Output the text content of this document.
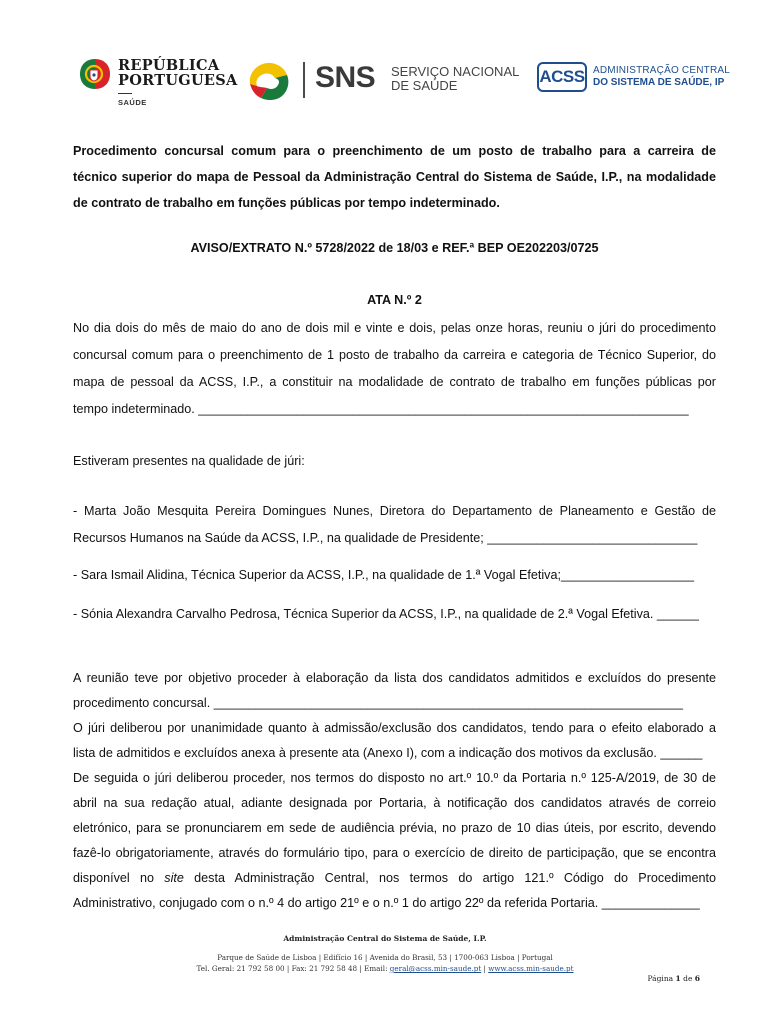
REPÚBLICA
PORTUGUESA
SAÚDE
SNS SERVIÇO NACIONAL
DE SAÚDE	ACSS ADMINISTRAÇÃO CENTRAL
DO SISTEMA DE SAÚDE, IP
Procedimento concursal comum para o preenchimento de um posto de trabalho para a carreira de
técnico superior do mapa de Pessoal da Administração Central do Sistema de Saúde, I.P., na modalidade
de contrato de trabalho em funções públicas por tempo indeterminado.
AVISO/EXTRATO N.º 5728/2022 de 18/03 e REF.ª BEP OE202203/0725
ATA N.º 2
No dia dois do mês de maio do ano de dois mil e vinte e dois, pelas onze horas, reuniu o júri do procedimento
concursal comum para o preenchimento de 1 posto de trabalho da carreira e categoria de Técnico Superior, do
mapa de pessoal da ACSS, I.P., a constituir na modalidade de contrato de trabalho em funções públicas por
tempo indeterminado. ______________________________________________________________________
Estiveram presentes na qualidade de júri:
- Marta João Mesquita Pereira Domingues Nunes, Diretora do Departamento de Planeamento e Gestão de
Recursos Humanos na Saúde da ACSS, I.P., na qualidade de Presidente; ______________________________
- Sara Ismail Alidina, Técnica Superior da ACSS, I.P., na qualidade de 1.ª Vogal Efetiva;___________________
- Sónia Alexandra Carvalho Pedrosa, Técnica Superior da ACSS, I.P., na qualidade de 2.ª Vogal Efetiva. ______
A reunião teve por objetivo proceder à elaboração da lista dos candidatos admitidos e excluídos do presente
procedimento concursal. ___________________________________________________________________
O júri deliberou por unanimidade quanto à admissão/exclusão dos candidatos, tendo para o efeito elaborado a
lista de admitidos e excluídos anexa à presente ata (Anexo I), com a indicação dos motivos da exclusão. ______
De seguida o júri deliberou proceder, nos termos do disposto no art.º 10.º da Portaria n.º 125-A/2019, de 30 de
abril na sua redação atual, adiante designada por Portaria, à notificação dos candidatos através de correio
eletrónico, para se pronunciarem em sede de audiência prévia, no prazo de 10 dias úteis, por escrito, devendo
fazê-lo obrigatoriamente, através do formulário tipo, para o exercício de direito de participação, que se encontra
disponível no site desta Administração Central, nos termos do artigo 121.º Código do Procedimento
Administrativo, conjugado com o n.º 4 do artigo 21º e o n.º 1 do artigo 22º da referida Portaria. ______________
Administração Central do Sistema de Saúde, I.P.
Parque de Saúde de Lisboa | Edifício 16 | Avenida do Brasil, 53 | 1700-063 Lisboa | Portugal
Tel. Geral: 21 792 58 00 | Fax: 21 792 58 48 | Email: geral@acss.min-saude.pt | www.acss.min-saude.pt
Página 1 de 6
